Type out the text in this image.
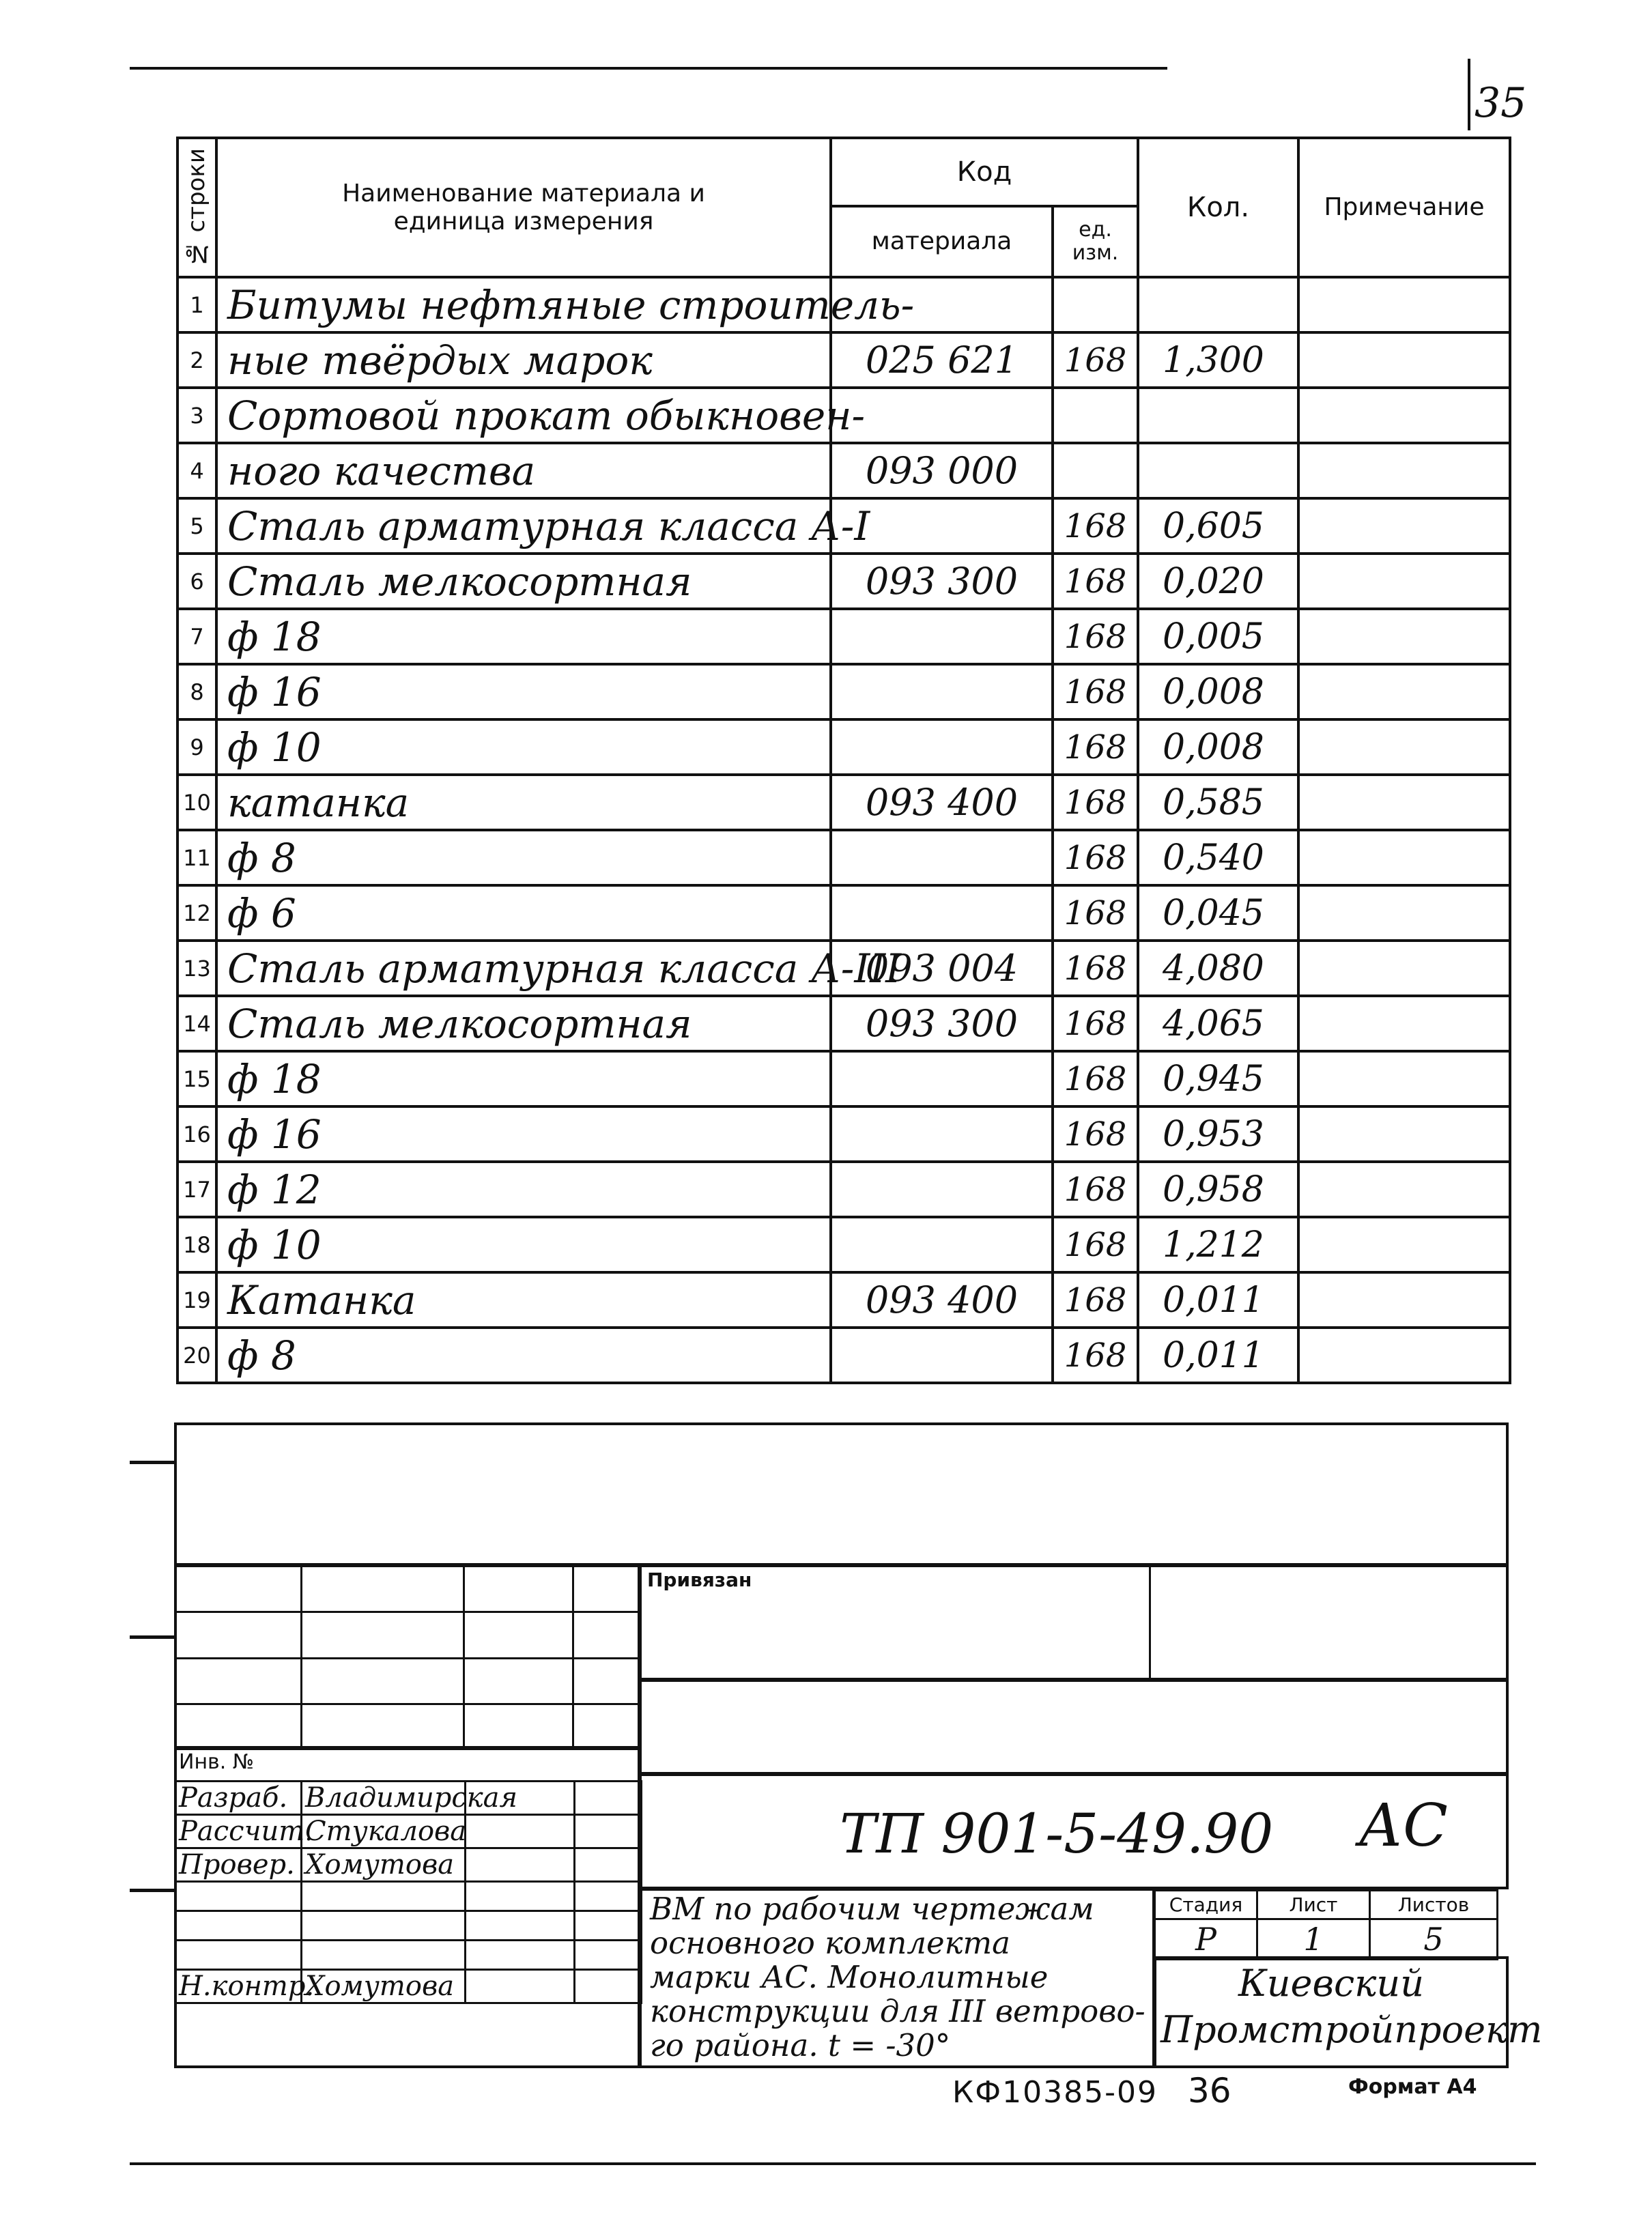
35
№ строки	Наименование материала и единица измерения	Код		Кол.	Примечание
		материала	ед. изм.		

1	Битумы нефтяные строитель-				
2	ные твёрдых марок	025 621	168	1,300	
3	Сортовой прокат обыкновен-				
4	ного качества	093 000			
5	Сталь арматурная класса А-I		168	0,605	
6	Сталь мелкосортная	093 300	168	0,020	
7	ф 18		168	0,005	
8	ф 16		168	0,008	
9	ф 10		168	0,008	
10	катанка	093 400	168	0,585	
11	ф 8		168	0,540	
12	ф 6		168	0,045	
13	Сталь арматурная класса А-III	093 004	168	4,080	
14	Сталь мелкосортная	093 300	168	4,065	
15	ф 18		168	0,945	
16	ф 16		168	0,953	
17	ф 12		168	0,958	
18	ф 10		168	1,212	
19	Катанка	093 400	168	0,011	
20	ф 8		168	0,011	
Инв. №
Разраб.	Владимирская		
Рассчит.	Стукалова		
Провер.	Хомутова		

Н.контр.	Хомутова		
Привязан
ТП 901-5-49.90 АС
ВМ по рабочим чертежам
основного комплекта
марки АС. Монолитные
конструкции для III ветрово-
го района. t = -30°
Стадия	Лист	Листов
Р	1	5
Киевский
Промстройпроект
КФ10385-09 36	Формат А4
